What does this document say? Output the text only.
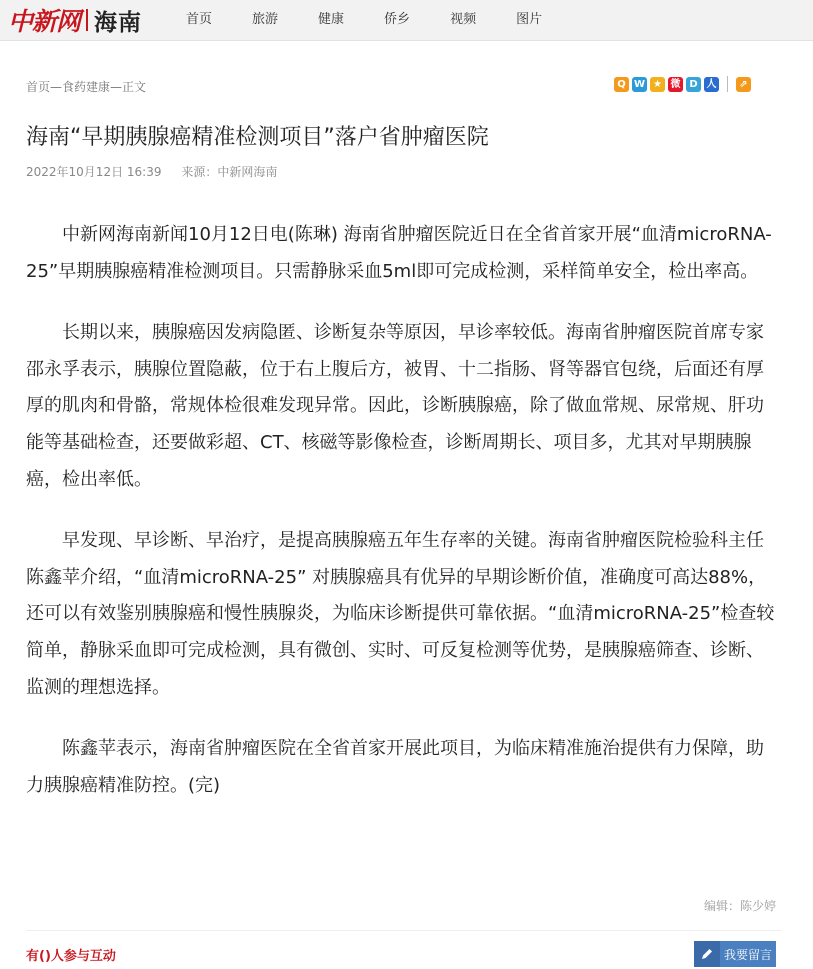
中新网 海南	首页	旅游	健康	侨乡	视频	图片
首页—食药建康—正文	Q W ★ 微 D 人	⇗
海南“早期胰腺癌精准检测项目”落户省肿瘤医院
2022年10月12日 16:39 来源：中新网海南

中新网海南新闻10月12日电(陈琳) 海南省肿瘤医院近日在全省首家开展“血清microRNA-25”早期胰腺癌精准检测项目。只需静脉采血5ml即可完成检测，采样简单安全，检出率高。

长期以来，胰腺癌因发病隐匿、诊断复杂等原因，早诊率较低。海南省肿瘤医院首席专家邵永孚表示，胰腺位置隐蔽，位于右上腹后方，被胃、十二指肠、肾等器官包绕，后面还有厚厚的肌肉和骨骼，常规体检很难发现异常。因此，诊断胰腺癌，除了做血常规、尿常规、肝功能等基础检查，还要做彩超、CT、核磁等影像检查，诊断周期长、项目多，尤其对早期胰腺癌，检出率低。

早发现、早诊断、早治疗，是提高胰腺癌五年生存率的关键。海南省肿瘤医院检验科主任陈鑫苹介绍，“血清microRNA-25” 对胰腺癌具有优异的早期诊断价值，准确度可高达88%，还可以有效鉴别胰腺癌和慢性胰腺炎，为临床诊断提供可靠依据。“血清microRNA-25”检查较简单，静脉采血即可完成检测，具有微创、实时、可反复检测等优势，是胰腺癌筛查、诊断、监测的理想选择。

陈鑫苹表示，海南省肿瘤医院在全省首家开展此项目，为临床精准施治提供有力保障，助力胰腺癌精准防控。(完)

编辑：陈少婷
有()人参与互动	我要留言
